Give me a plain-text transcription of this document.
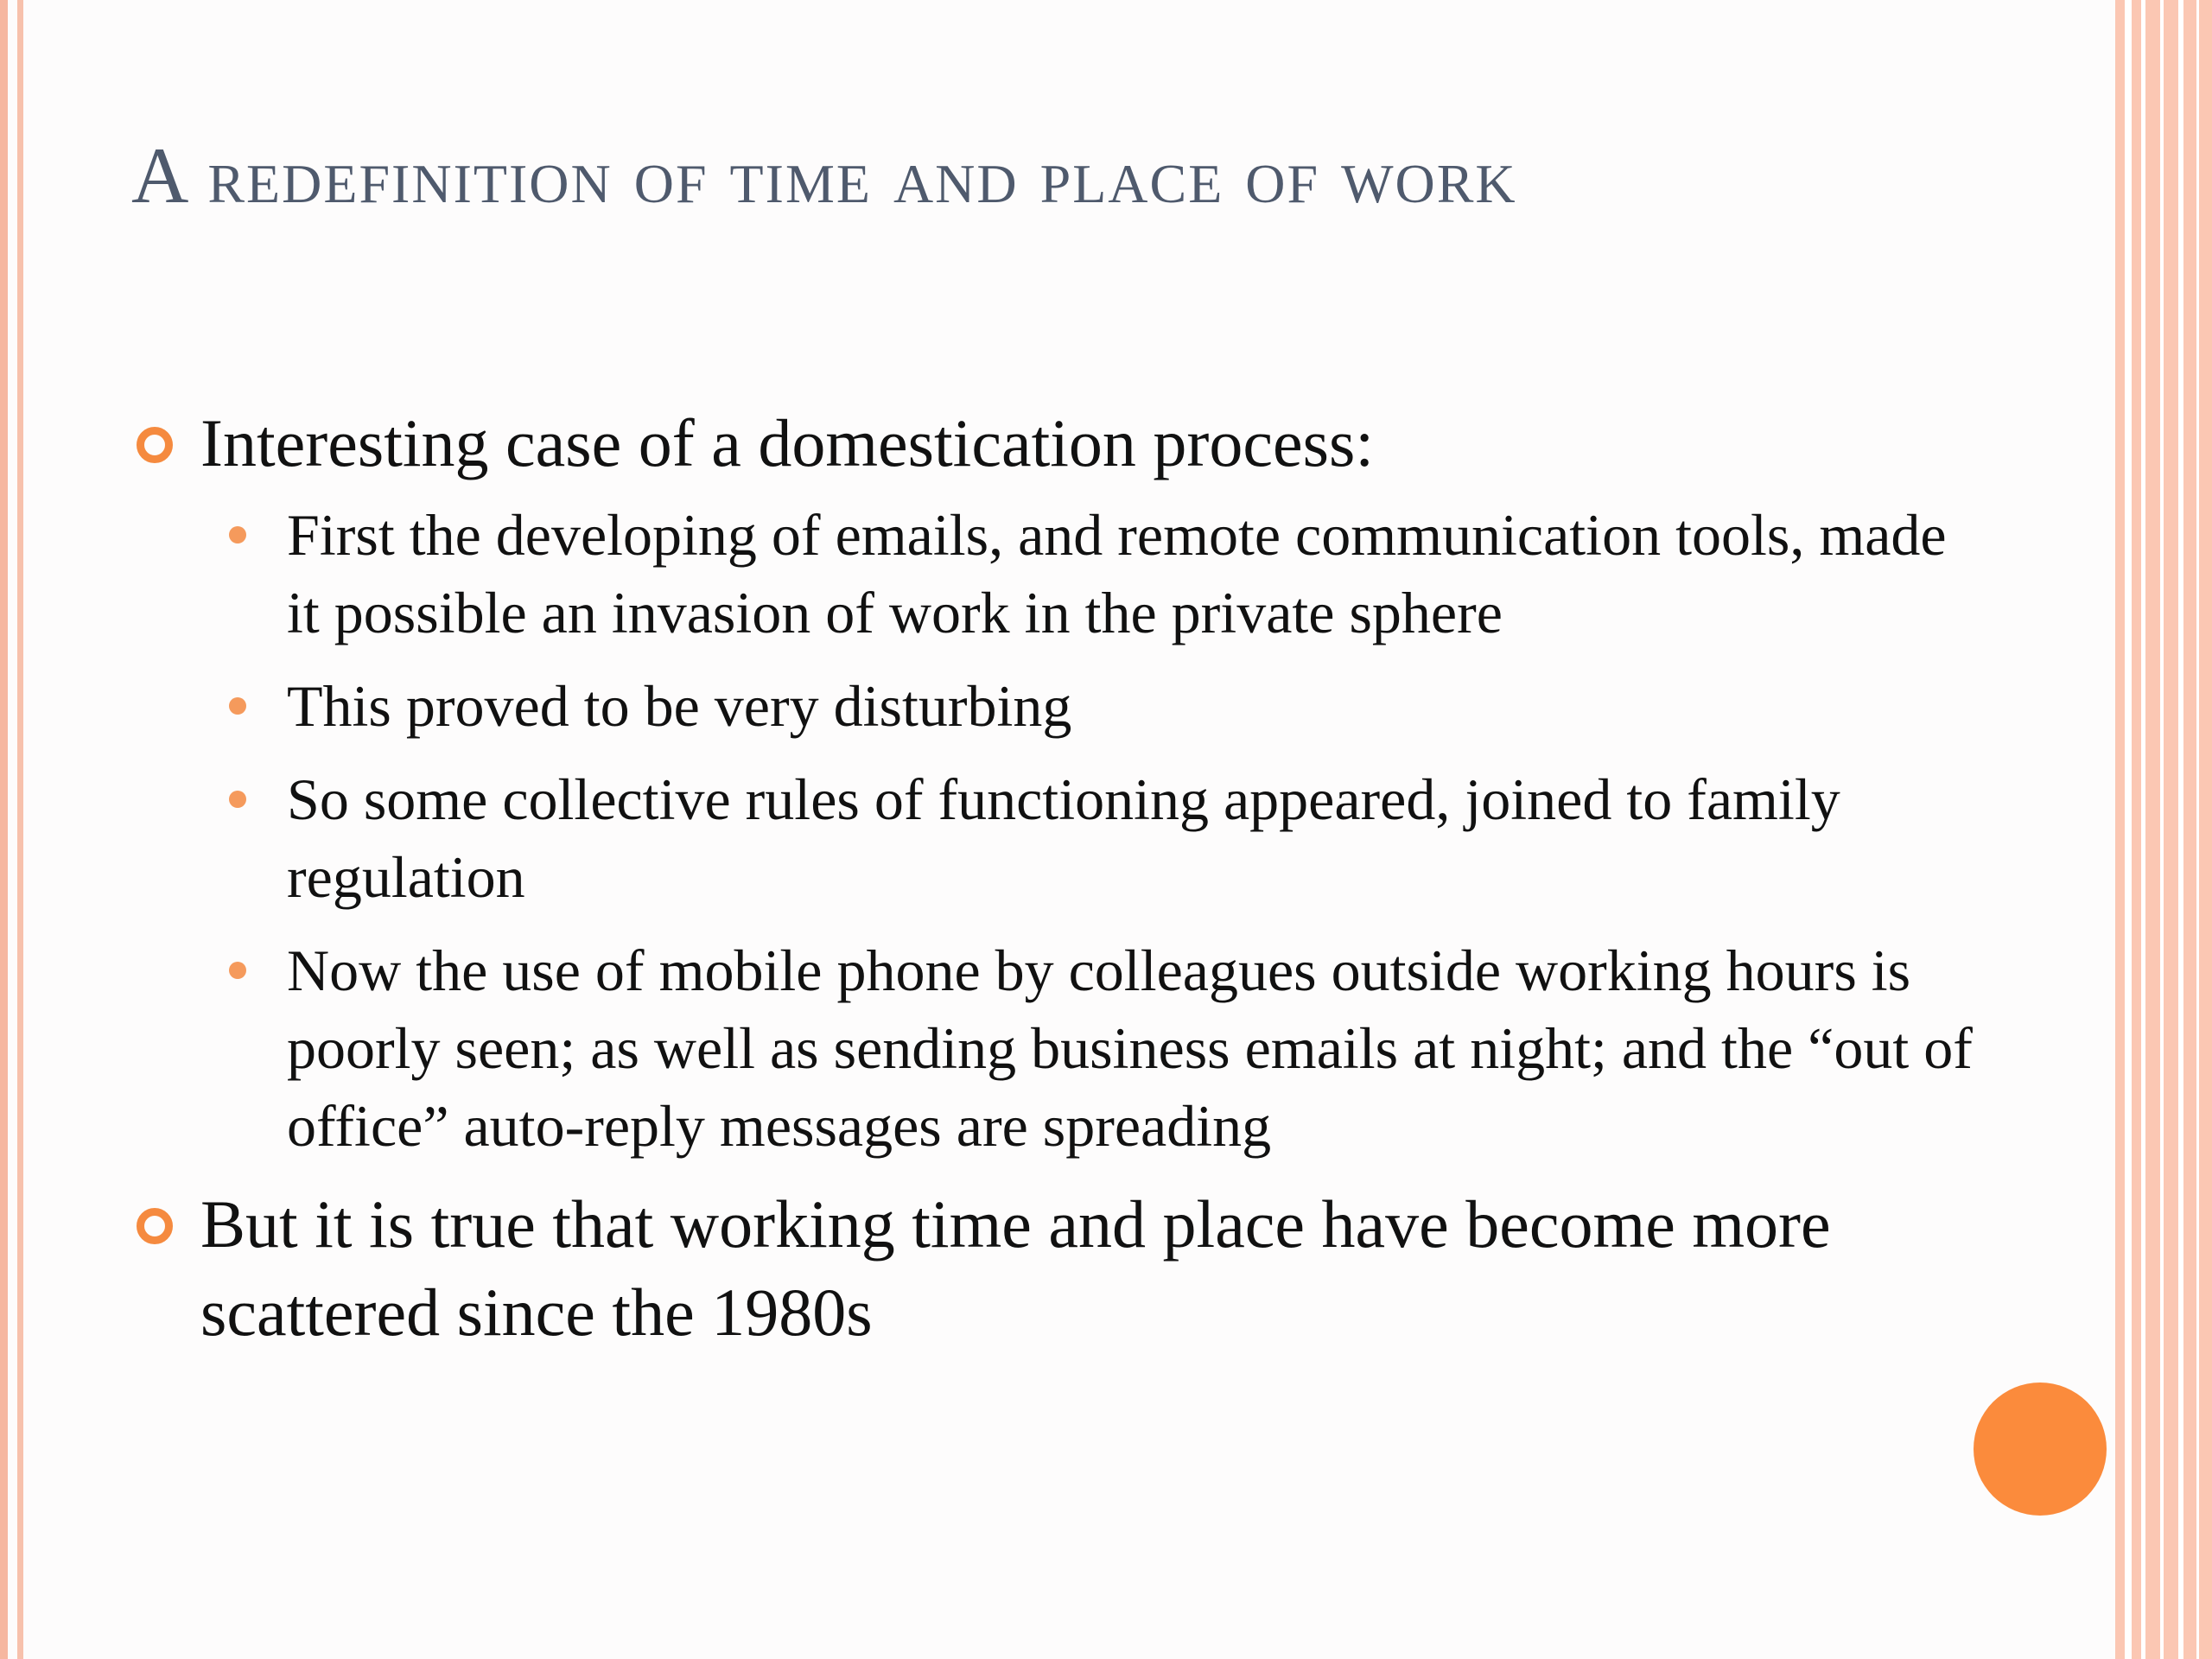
A redefinition of time and place of work
Interesting case of a domestication process:
First the developing of emails, and remote communication tools, made it possible an invasion of work in the private sphere
This proved to be very disturbing
So some collective rules of functioning appeared, joined to family regulation
Now the use of mobile phone by colleagues outside working hours is poorly seen; as well as sending business emails at night; and the “out of office” auto-reply messages are spreading
But it is true that working time and place have become more scattered since the 1980s
